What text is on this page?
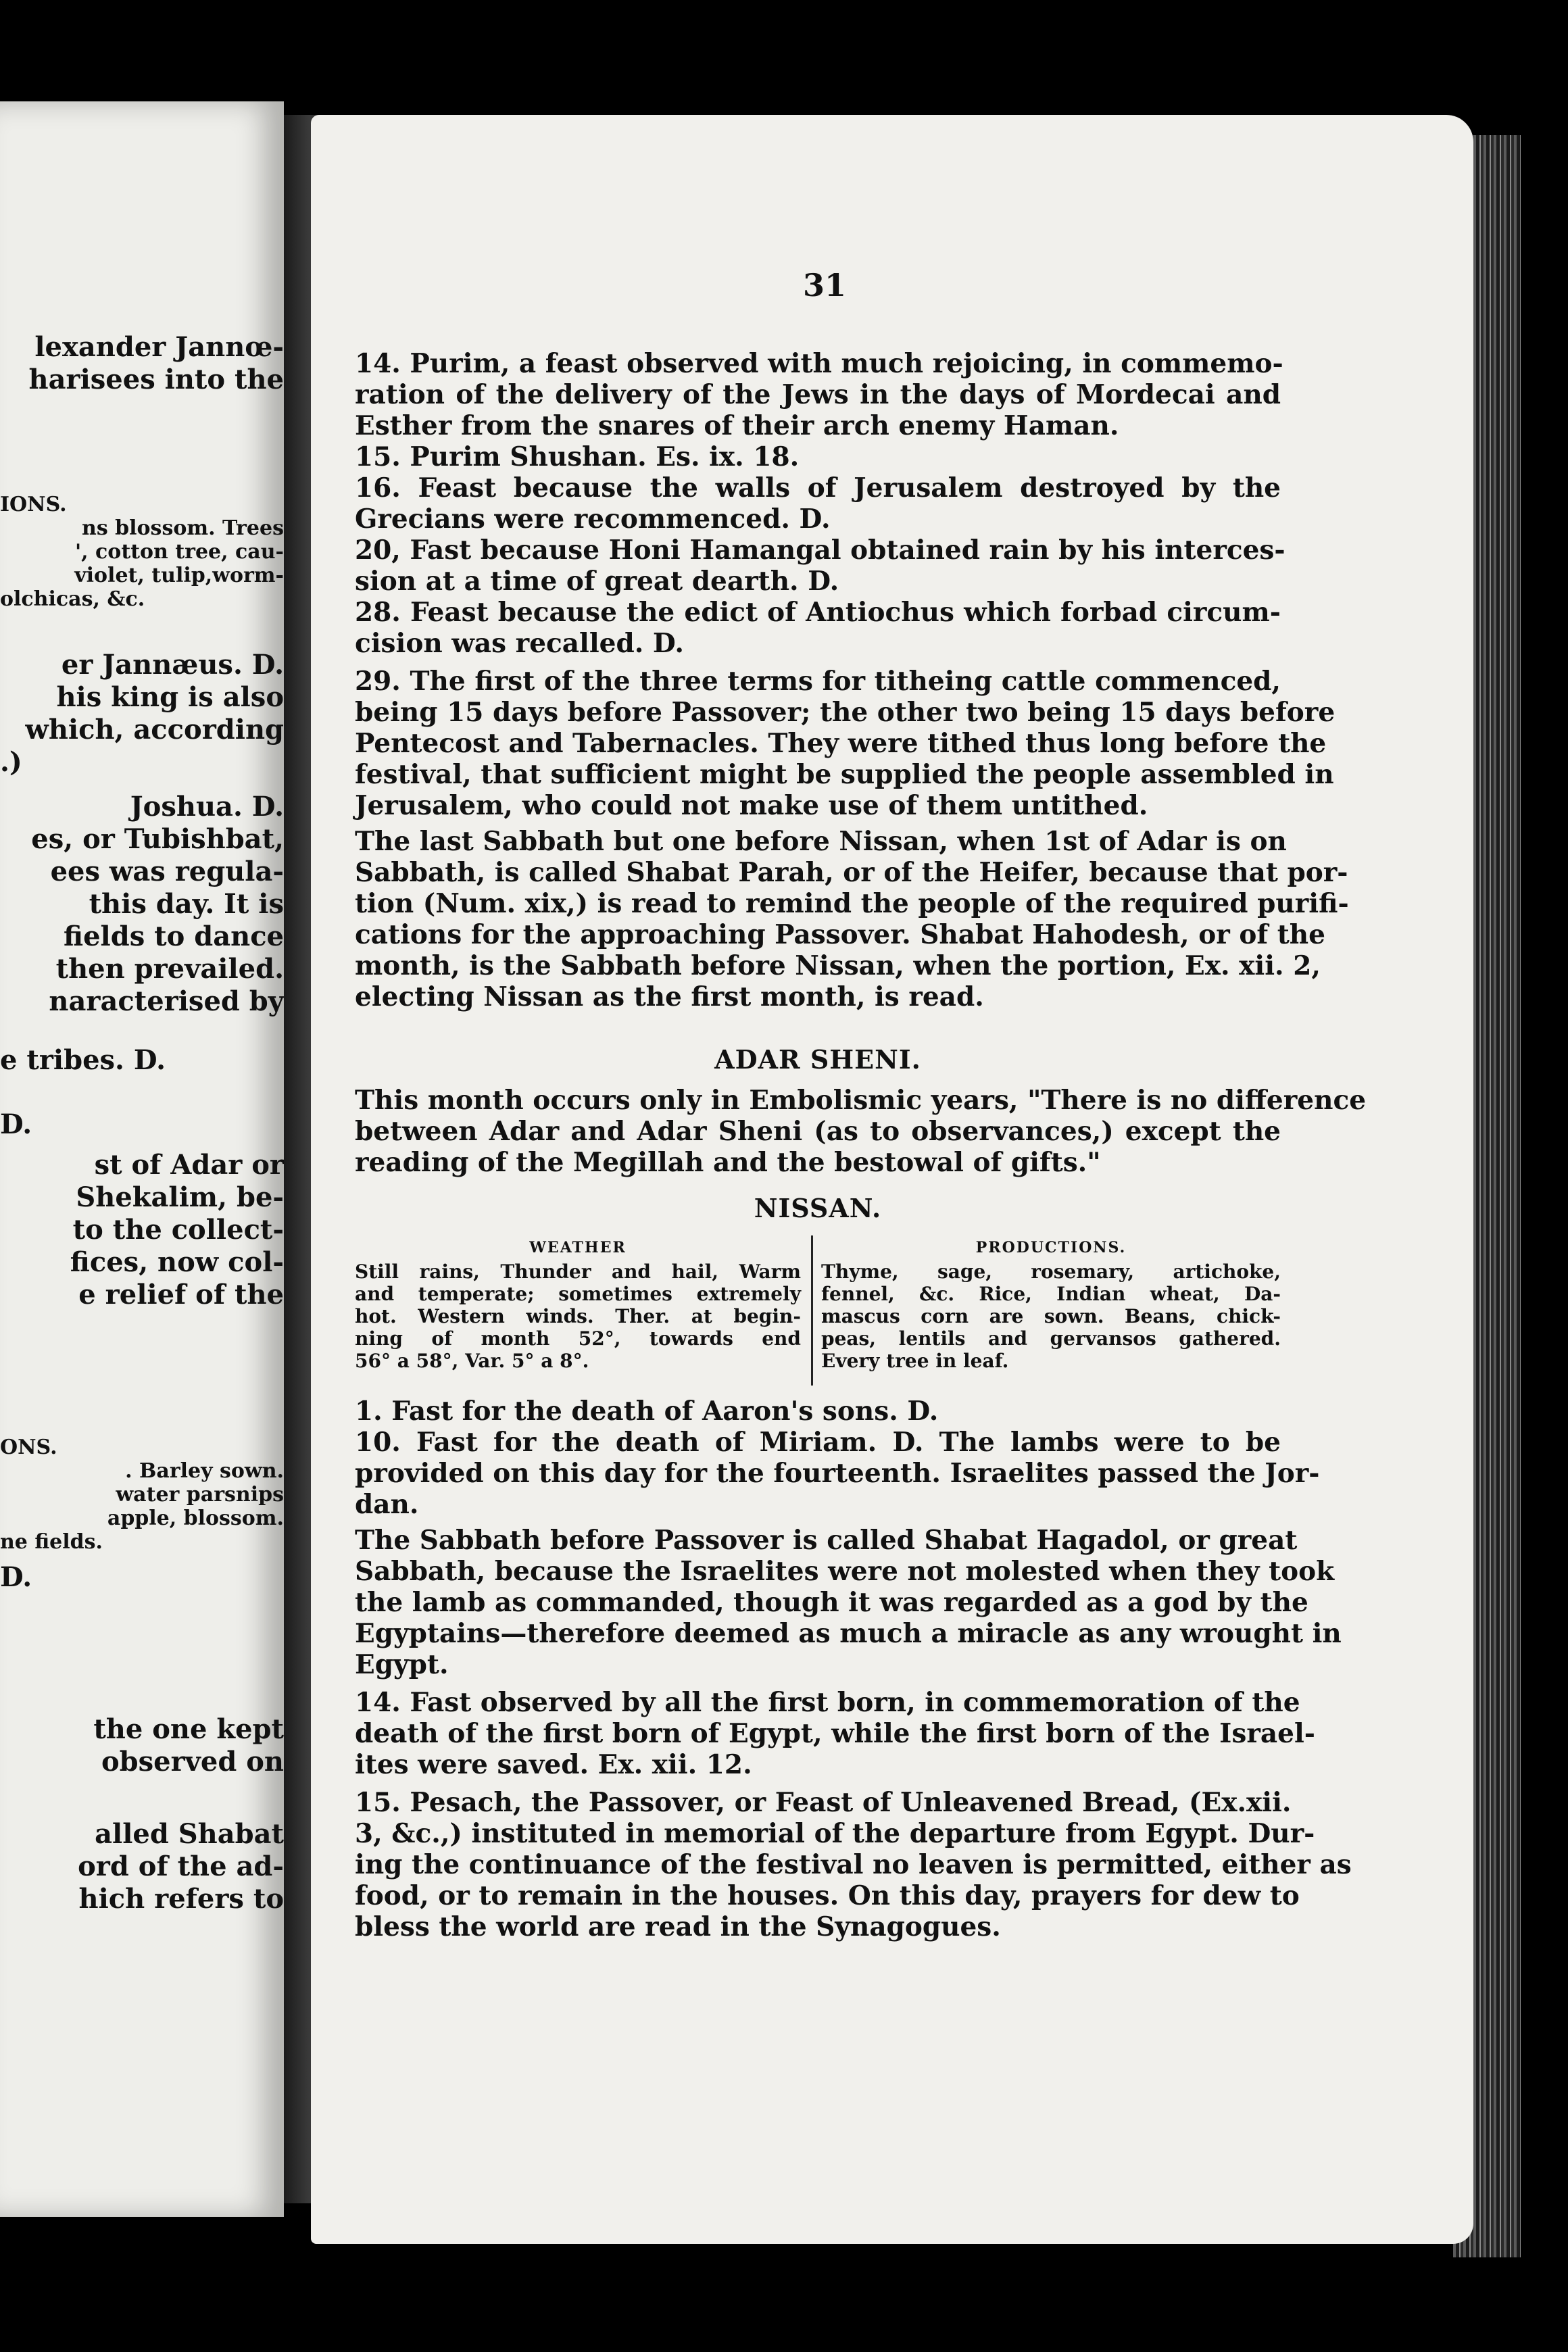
lexander Jannœ-
harisees into the
IONS.
ns blossom. Trees
', cotton tree, cau-
violet, tulip,worm-
olchicas, &c.
er Jannæus. D.
his king is also
which, according
.)
Joshua. D.
es, or Tubishbat,
ees was regula-
this day. It is
fields to dance
then prevailed.
naracterised by
e tribes. D.
D.
st of Adar or
Shekalim, be-
to the collect-
fices, now col-
e relief of the
ONS.
. Barley sown.
water parsnips
apple, blossom.
ne fields.
D.
the one kept
observed on
alled Shabat
ord of the ad-
hich refers to
31
14. Purim, a feast observed with much rejoicing, in commemo-
ration of the delivery of the Jews in the days of Mordecai and
Esther from the snares of their arch enemy Haman.
15. Purim Shushan. Es. ix. 18.
16. Feast because the walls of Jerusalem destroyed by the
Grecians were recommenced. D.
20, Fast because Honi Hamangal obtained rain by his interces-
sion at a time of great dearth. D.
28. Feast because the edict of Antiochus which forbad circum-
cision was recalled. D.
29. The first of the three terms for titheing cattle commenced,
being 15 days before Passover; the other two being 15 days before
Pentecost and Tabernacles. They were tithed thus long before the
festival, that sufficient might be supplied the people assembled in
Jerusalem, who could not make use of them untithed.
The last Sabbath but one before Nissan, when 1st of Adar is on
Sabbath, is called Shabat Parah, or of the Heifer, because that por-
tion (Num. xix,) is read to remind the people of the required purifi-
cations for the approaching Passover. Shabat Hahodesh, or of the
month, is the Sabbath before Nissan, when the portion, Ex. xii. 2,
electing Nissan as the first month, is read.
ADAR SHENI.
This month occurs only in Embolismic years, "There is no difference
between Adar and Adar Sheni (as to observances,) except the
reading of the Megillah and the bestowal of gifts."
NISSAN.
WEATHER
Still rains, Thunder and hail, Warm
and temperate; sometimes extremely
hot. Western winds. Ther. at begin-
ning of month 52°, towards end
56° a 58°, Var. 5° a 8°.
PRODUCTIONS.
Thyme, sage, rosemary, artichoke,
fennel, &c. Rice, Indian wheat, Da-
mascus corn are sown. Beans, chick-
peas, lentils and gervansos gathered.
Every tree in leaf.
1. Fast for the death of Aaron's sons. D.
10. Fast for the death of Miriam. D. The lambs were to be
provided on this day for the fourteenth. Israelites passed the Jor-
dan.
The Sabbath before Passover is called Shabat Hagadol, or great
Sabbath, because the Israelites were not molested when they took
the lamb as commanded, though it was regarded as a god by the
Egyptains—therefore deemed as much a miracle as any wrought in
Egypt.
14. Fast observed by all the first born, in commemoration of the
death of the first born of Egypt, while the first born of the Israel-
ites were saved. Ex. xii. 12.
15. Pesach, the Passover, or Feast of Unleavened Bread, (Ex.xii.
3, &c.,) instituted in memorial of the departure from Egypt. Dur-
ing the continuance of the festival no leaven is permitted, either as
food, or to remain in the houses. On this day, prayers for dew to
bless the world are read in the Synagogues.
